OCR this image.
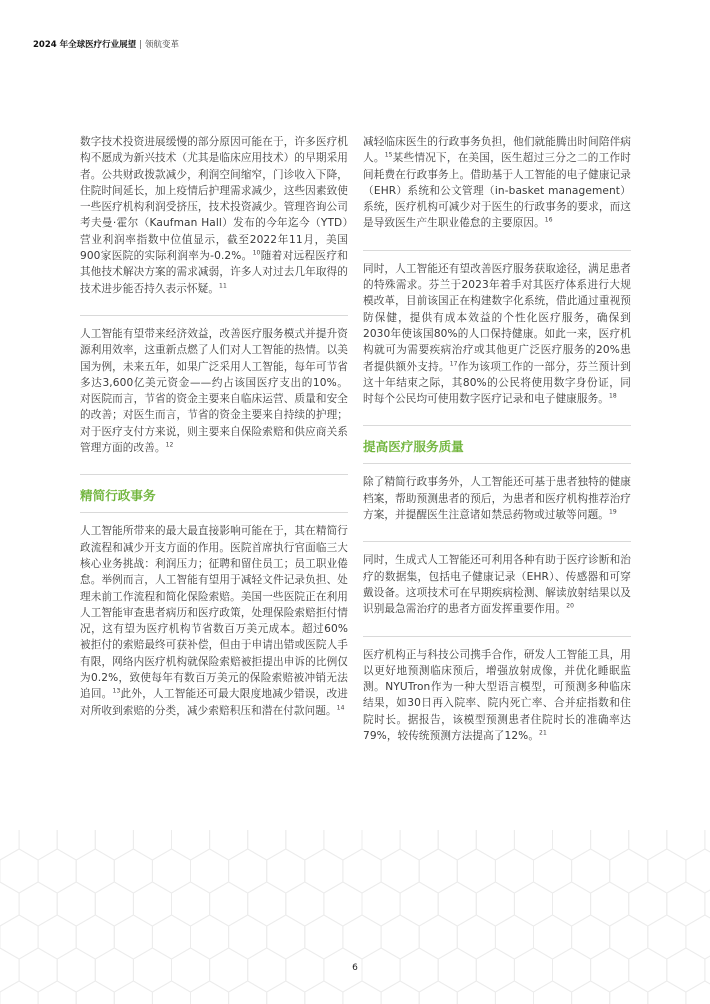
2024 年全球医疗行业展望 | 领航变革

数字技术投资进展缓慢的部分原因可能在于，许多医疗机构不愿成为新兴技术（尤其是临床应用技术）的早期采用者。公共财政拨款减少，利润空间缩窄，门诊收入下降，住院时间延长，加上疫情后护理需求减少，这些因素致使一些医疗机构利润受挤压，技术投资减少。管理咨询公司考夫曼·霍尔（Kaufman Hall）发布的今年迄今（YTD）营业利润率指数中位值显示，截至2022年11月，美国900家医院的实际利润率为-0.2%。$^{10}$随着对远程医疗和其他技术解决方案的需求减弱，许多人对过去几年取得的技术进步能否持久表示怀疑。$^{11}$

人工智能有望带来经济效益，改善医疗服务模式并提升资源利用效率，这重新点燃了人们对人工智能的热情。以美国为例，未来五年，如果广泛采用人工智能，每年可节省多达3,600亿美元资金——约占该国医疗支出的10%。对医院而言，节省的资金主要来自临床运营、质量和安全的改善；对医生而言，节省的资金主要来自持续的护理；对于医疗支付方来说，则主要来自保险索赔和供应商关系管理方面的改善。$^{12}$

精简行政事务

人工智能所带来的最大最直接影响可能在于，其在精简行政流程和减少开支方面的作用。医院首席执行官面临三大核心业务挑战：利润压力；征聘和留住员工；员工职业倦怠。举例而言，人工智能有望用于减轻文件记录负担、处理未前工作流程和简化保险索赔。美国一些医院正在利用人工智能审查患者病历和医疗政策，处理保险索赔拒付情况，这有望为医疗机构节省数百万美元成本。超过60%被拒付的索赔最终可获补偿，但由于申请出错或医院人手有限，网络内医疗机构就保险索赔被拒提出申诉的比例仅为0.2%，致使每年有数百万美元的保险索赔被冲销无法追回。$^{13}$此外，人工智能还可最大限度地减少错误，改进对所收到索赔的分类，减少索赔积压和潜在付款问题。$^{14}$

减轻临床医生的行政事务负担，他们就能腾出时间陪伴病人。$^{15}$某些情况下，在美国，医生超过三分之二的工作时间耗费在行政事务上。借助基于人工智能的电子健康记录（EHR）系统和公文管理（in-basket management）系统，医疗机构可减少对于医生的行政事务的要求，而这是导致医生产生职业倦怠的主要原因。$^{16}$

同时，人工智能还有望改善医疗服务获取途径，满足患者的特殊需求。芬兰于2023年着手对其医疗体系进行大规模改革，目前该国正在构建数字化系统，借此通过重视预防保健，提供有成本效益的个性化医疗服务，确保到2030年使该国80%的人口保持健康。如此一来，医疗机构就可为需要疾病治疗或其他更广泛医疗服务的20%患者提供额外支持。$^{17}$作为该项工作的一部分，芬兰预计到这十年结束之际，其80%的公民将使用数字身份证，同时每个公民均可使用数字医疗记录和电子健康服务。$^{18}$

提高医疗服务质量

除了精简行政事务外，人工智能还可基于患者独特的健康档案，帮助预测患者的预后，为患者和医疗机构推荐治疗方案，并提醒医生注意诸如禁忌药物或过敏等问题。$^{19}$

同时，生成式人工智能还可利用各种有助于医疗诊断和治疗的数据集，包括电子健康记录（EHR）、传感器和可穿戴设备。这项技术可在早期疾病检测、解读放射结果以及识别最急需治疗的患者方面发挥重要作用。$^{20}$

医疗机构正与科技公司携手合作，研发人工智能工具，用以更好地预测临床预后，增强放射成像，并优化睡眠监测。NYUTron作为一种大型语言模型，可预测多种临床结果，如30日再入院率、院内死亡率、合并症指数和住院时长。据报告，该模型预测患者住院时长的准确率达79%，较传统预测方法提高了12%。$^{21}$

6
